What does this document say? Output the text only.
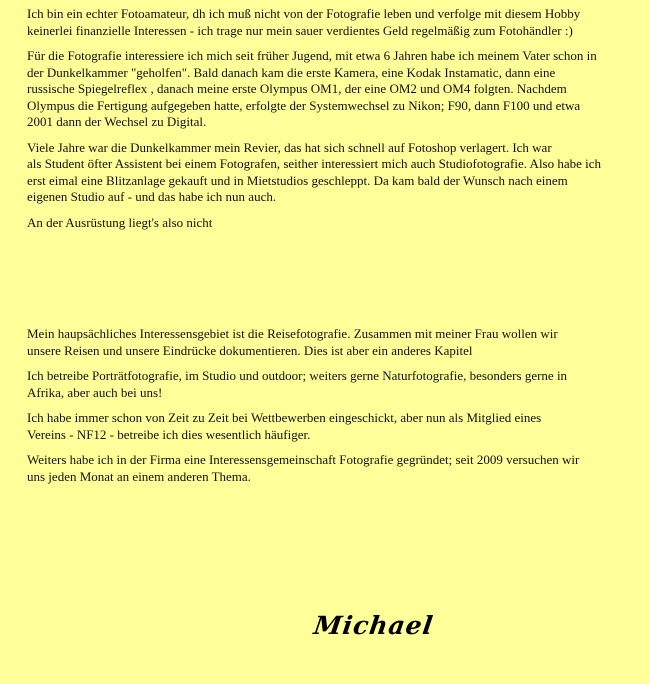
Ich bin ein echter Fotoamateur, dh ich muß nicht von der Fotografie leben und verfolge mit diesem Hobby
keinerlei finanzielle Interessen - ich trage nur mein sauer verdientes Geld regelmäßig zum Fotohändler :)

Für die Fotografie interessiere ich mich seit früher Jugend, mit etwa 6 Jahren habe ich meinem Vater schon in
der Dunkelkammer "geholfen". Bald danach kam die erste Kamera, eine Kodak Instamatic, dann eine
russische Spiegelreflex , danach meine erste Olympus OM1, der eine OM2 und OM4 folgten. Nachdem
Olympus die Fertigung aufgegeben hatte, erfolgte der Systemwechsel zu Nikon; F90, dann F100 und etwa
2001 dann der Wechsel zu Digital.

Viele Jahre war die Dunkelkammer mein Revier, das hat sich schnell auf Fotoshop verlagert. Ich war
als Student öfter Assistent bei einem Fotografen, seither interessiert mich auch Studiofotografie. Also habe ich
erst eimal eine Blitzanlage gekauft und in Mietstudios geschleppt. Da kam bald der Wunsch nach einem
eigenen Studio auf - und das habe ich nun auch.

An der Ausrüstung liegt's also nicht

Mein haupsächliches Interessensgebiet ist die Reisefotografie. Zusammen mit meiner Frau wollen wir
unsere Reisen und unsere Eindrücke dokumentieren. Dies ist aber ein anderes Kapitel

Ich betreibe Porträtfotografie, im Studio und outdoor; weiters gerne Naturfotografie, besonders gerne in
Afrika, aber auch bei uns!

Ich habe immer schon von Zeit zu Zeit bei Wettbewerben eingeschickt, aber nun als Mitglied eines
Vereins - NF12 - betreibe ich dies wesentlich häufiger.

Weiters habe ich in der Firma eine Interessensgemeinschaft Fotografie gegründet; seit 2009 versuchen wir
uns jeden Monat an einem anderen Thema.

Michael
